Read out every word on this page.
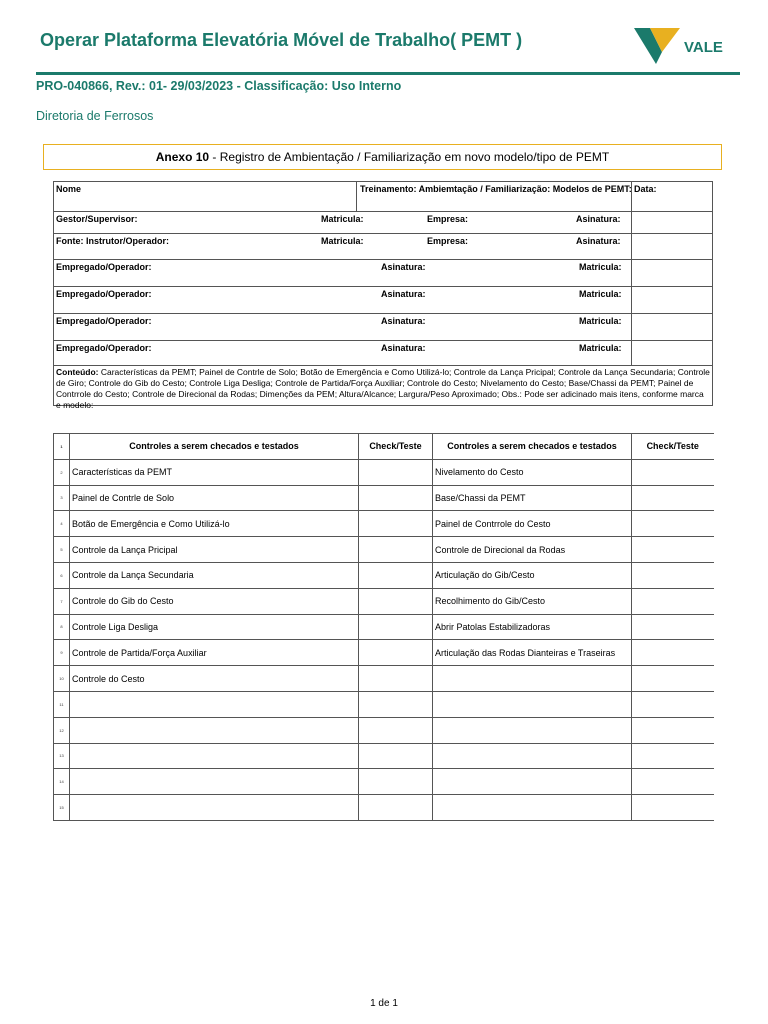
Operar Plataforma Elevatória Móvel de Trabalho( PEMT )	VALE
PRO-040866, Rev.: 01- 29/03/2023 - Classificação: Uso Interno
Diretoria de Ferrosos
Anexo 10 - Registro de Ambientação / Familiarização em novo modelo/tipo de PEMT
Nome	Treinamento: Ambiemtação / Familiarização: Modelos de PEMT: Data:
Gestor/Supervisor:	Matricula:	Empresa:	Asinatura:
Fonte: Instrutor/Operador:	Matricula:	Empresa:	Asinatura:
Empregado/Operador:	Asinatura:	Matricula:
Empregado/Operador:	Asinatura:	Matricula:
Empregado/Operador:	Asinatura:	Matricula:
Empregado/Operador:	Asinatura:	Matricula:
Conteúdo: Características da PEMT; Painel de Contrle de Solo; Botão de Emergência e Como Utilizá-lo; Controle da Lança Pricipal; Controle da Lança Secundaria; Controle de Giro; Controle do Gib do Cesto; Controle Liga Desliga; Controle de Partida/Força Auxiliar; Controle do Cesto; Nivelamento do Cesto; Base/Chassi da PEMT; Painel de Contrrole do Cesto; Controle de Direcional da Rodas; Dimenções da PEM; Altura/Alcance; Largura/Peso Aproximado; Obs.: Pode ser adicinado mais itens, conforme marca e modelo:
1	Controles a serem checados e testados	Check/Teste	Controles a serem checados e testados	Check/Teste
2	Características da PEMT		Nivelamento do Cesto	
3	Painel de Contrle de Solo		Base/Chassi da PEMT	
4	Botão de Emergência e Como Utilizá-lo		Painel de Contrrole do Cesto	
5	Controle da Lança Pricipal		Controle de Direcional da Rodas	
6	Controle da Lança Secundaria		Articulação do Gib/Cesto	
7	Controle do Gib do Cesto		Recolhimento do Gib/Cesto	
8	Controle Liga Desliga		Abrir Patolas Estabilizadoras	
9	Controle de Partida/Força Auxiliar		Articulação das Rodas Dianteiras e Traseiras	
10	Controle do Cesto			
11				
12				
13				
14				
15				
1 de 1
